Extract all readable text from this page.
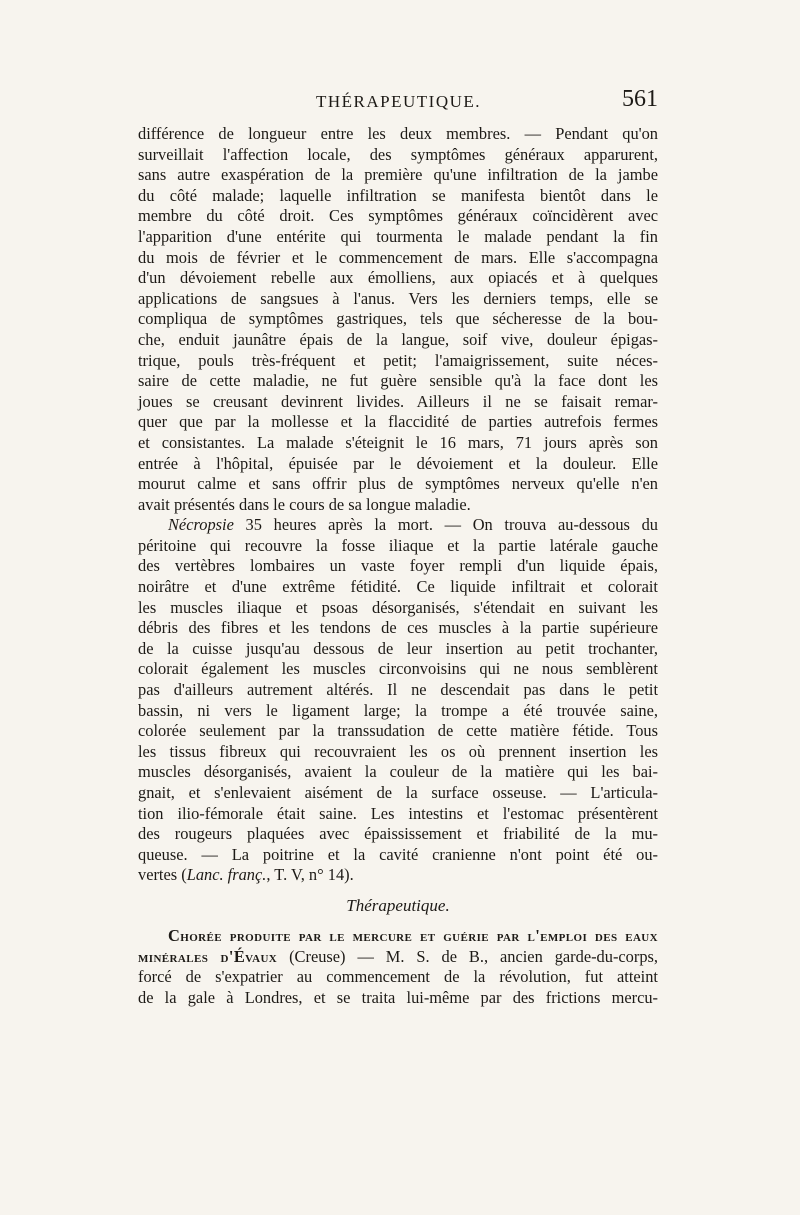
THÉRAPEUTIQUE.	561

différence de longueur entre les deux membres. — Pendant qu'on

surveillait l'affection locale, des symptômes généraux apparurent,

sans autre exaspération de la première qu'une infiltration de la jambe

du côté malade; laquelle infiltration se manifesta bientôt dans le

membre du côté droit. Ces symptômes généraux coïncidèrent avec

l'apparition d'une entérite qui tourmenta le malade pendant la fin

du mois de février et le commencement de mars. Elle s'accompagna

d'un dévoiement rebelle aux émolliens, aux opiacés et à quelques

applications de sangsues à l'anus. Vers les derniers temps, elle se

compliqua de symptômes gastriques, tels que sécheresse de la bou-

che, enduit jaunâtre épais de la langue, soif vive, douleur épigas-

trique, pouls très-fréquent et petit; l'amaigrissement, suite néces-

saire de cette maladie, ne fut guère sensible qu'à la face dont les

joues se creusant devinrent livides. Ailleurs il ne se faisait remar-

quer que par la mollesse et la flaccidité de parties autrefois fermes

et consistantes. La malade s'éteignit le 16 mars, 71 jours après son

entrée à l'hôpital, épuisée par le dévoiement et la douleur. Elle

mourut calme et sans offrir plus de symptômes nerveux qu'elle n'en

avait présentés dans le cours de sa longue maladie.

Nécropsie 35 heures après la mort. — On trouva au-dessous du

péritoine qui recouvre la fosse iliaque et la partie latérale gauche

des vertèbres lombaires un vaste foyer rempli d'un liquide épais,

noirâtre et d'une extrême fétidité. Ce liquide infiltrait et colorait

les muscles iliaque et psoas désorganisés, s'étendait en suivant les

débris des fibres et les tendons de ces muscles à la partie supérieure

de la cuisse jusqu'au dessous de leur insertion au petit trochanter,

colorait également les muscles circonvoisins qui ne nous semblèrent

pas d'ailleurs autrement altérés. Il ne descendait pas dans le petit

bassin, ni vers le ligament large; la trompe a été trouvée saine,

colorée seulement par la transsudation de cette matière fétide. Tous

les tissus fibreux qui recouvraient les os où prennent insertion les

muscles désorganisés, avaient la couleur de la matière qui les bai-

gnait, et s'enlevaient aisément de la surface osseuse. — L'articula-

tion ilio-fémorale était saine. Les intestins et l'estomac présentèrent

des rougeurs plaquées avec épaississement et friabilité de la mu-

queuse. — La poitrine et la cavité cranienne n'ont point été ou-

vertes (Lanc. franç., T. V, n° 14).

Thérapeutique.

Chorée produite par le mercure et guérie par l'emploi des eaux

minérales d'Évaux (Creuse) — M. S. de B., ancien garde-du-corps,

forcé de s'expatrier au commencement de la révolution, fut atteint

de la gale à Londres, et se traita lui-même par des frictions mercu-
